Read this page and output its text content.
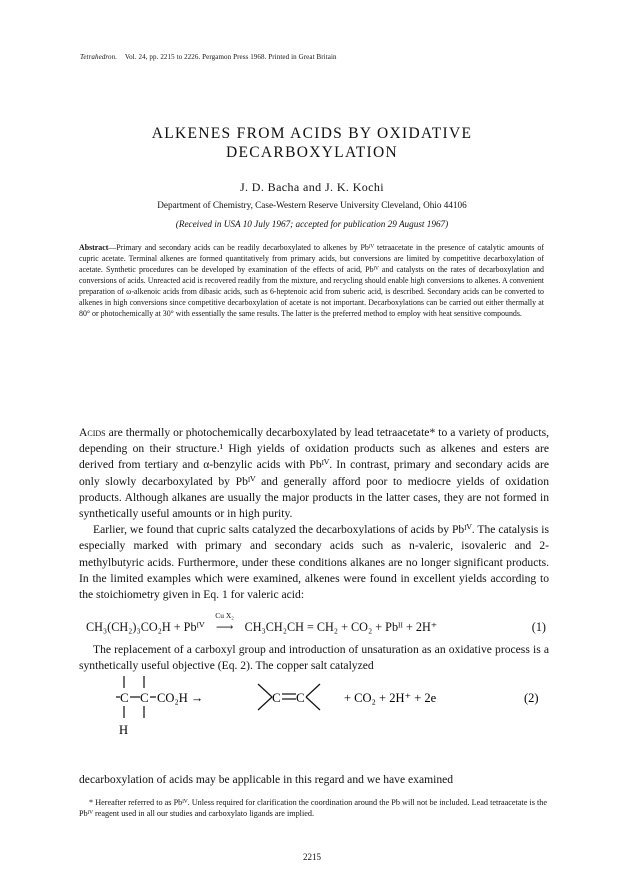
Tetrahedron. Vol. 24, pp. 2215 to 2226. Pergamon Press 1968. Printed in Great Britain
ALKENES FROM ACIDS BY OXIDATIVE
DECARBOXYLATION
J. D. Bacha and J. K. Kochi
Department of Chemistry, Case-Western Reserve University Cleveland, Ohio 44106
(Received in USA 10 July 1967; accepted for publication 29 August 1967)
Abstract—Primary and secondary acids can be readily decarboxylated to alkenes by Pbᴵⱽ tetraacetate in the presence of catalytic amounts of cupric acetate. Terminal alkenes are formed quantitatively from primary acids, but conversions are limited by competitive decarboxylation of acetate. Synthetic procedures can be developed by examination of the effects of acid, Pbᴵⱽ and catalysts on the rates of decarboxylation and conversions of acids. Unreacted acid is recovered readily from the mixture, and recycling should enable high conversions to alkenes. A convenient preparation of ω-alkenoic acids from dibasic acids, such as 6-heptenoic acid from suberic acid, is described. Secondary acids can be converted to alkenes in high conversions since competitive decarboxylation of acetate is not important. Decarboxylations can be carried out either thermally at 80° or photochemically at 30° with essentially the same results. The latter is the preferred method to employ with heat sensitive compounds.
Acids are thermally or photochemically decarboxylated by lead tetraacetate* to a variety of products, depending on their structure.¹ High yields of oxidation products such as alkenes and esters are derived from tertiary and α-benzylic acids with Pbᴵⱽ. In contrast, primary and secondary acids are only slowly decarboxylated by Pbᴵⱽ and generally afford poor to mediocre yields of oxidation products. Although alkanes are usually the major products in the latter cases, they are not formed in synthetically useful amounts or in high purity.
Earlier, we found that cupric salts catalyzed the decarboxylations of acids by Pbᴵⱽ. The catalysis is especially marked with primary and secondary acids such as n-valeric, isovaleric and 2-methylbutyric acids. Furthermore, under these conditions alkanes are no longer significant products. In the limited examples which were examined, alkenes were found in excellent yields according to the stoichiometry given in Eq. 1 for valeric acid:
CH₃(CH₂)₃CO₂H + Pbᴵⱽ
Cu X₂
⟶ CH₃CH₂CH = CH₂ + CO₂ + Pbᴵᴵ + 2H⁺	(1)
The replacement of a carboxyl group and introduction of unsaturation as an oxidative process is a synthetically useful objective (Eq. 2). The copper salt catalyzed
C C CO₂H →
H
C C	+ CO₂ + 2H⁺ + 2e	(2)
decarboxylation of acids may be applicable in this regard and we have examined
* Hereafter referred to as Pbᴵⱽ. Unless required for clarification the coordination around the Pb will not be included. Lead tetraacetate is the Pbᴵⱽ reagent used in all our studies and carboxylato ligands are implied.
2215
